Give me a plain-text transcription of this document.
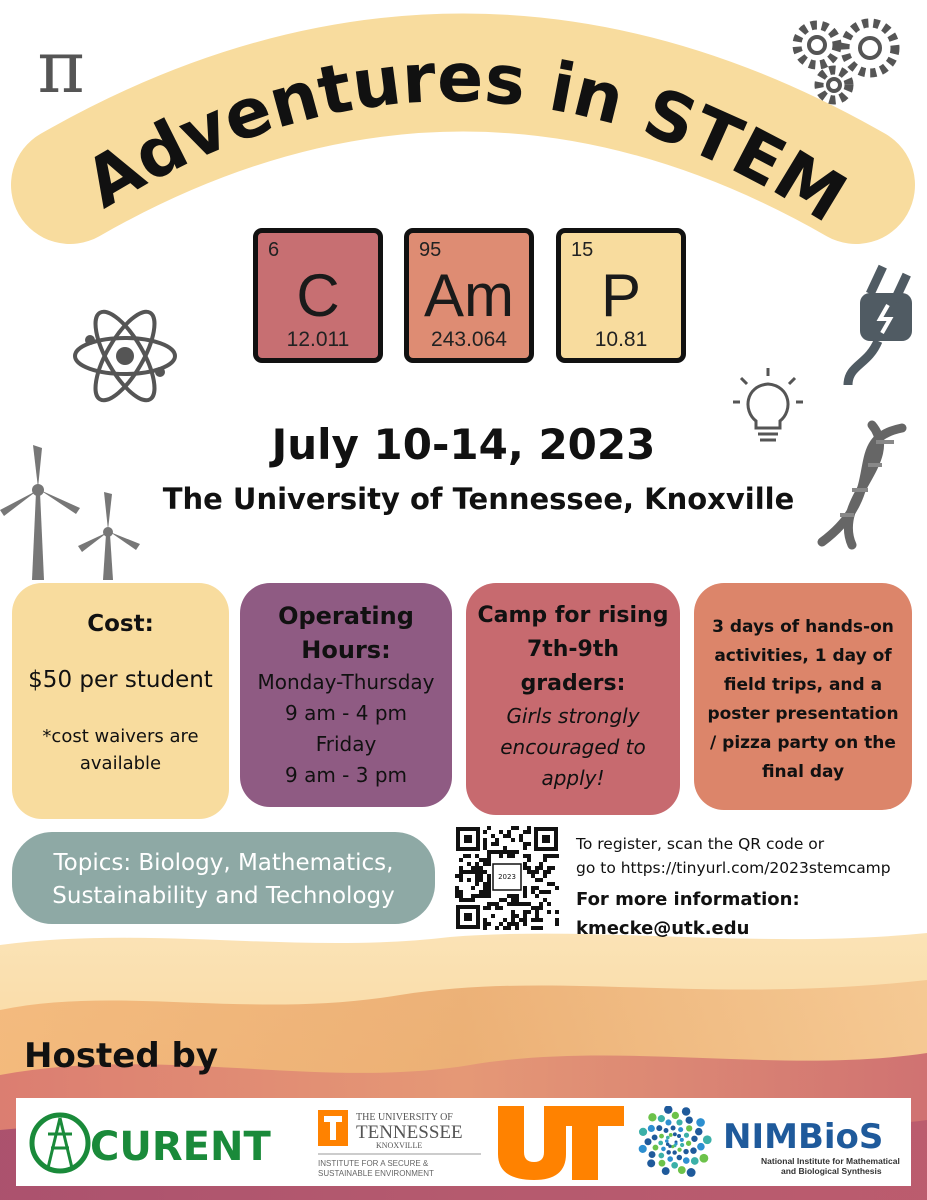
Adventures in STEM
π
6
C
12.011
95
Am
243.064
15
P
10.81
July 10-14, 2023
The University of Tennessee, Knoxville
Cost:
$50 per student
*cost waivers are available
Operating
Hours:
Monday-Thursday
9 am - 4 pm
Friday
9 am - 3 pm
Camp for rising
7th-9th
graders:
Girls strongly
encouraged to
apply!
3 days of hands-on
activities, 1 day of
field trips, and a
poster presentation
/ pizza party on the
final day
Topics: Biology, Mathematics,
Sustainability and Technology
2023
To register, scan the QR code or
go to https://tinyurl.com/2023stemcamp
For more information:
kmecke@utk.edu
Hosted by
CURENT
THE UNIVERSITY OF
TENNESSEE
KNOXVILLE
INSTITUTE FOR A SECURE &
SUSTAINABLE ENVIRONMENT
NIMBioS
National Institute for Mathematical
and Biological Synthesis
